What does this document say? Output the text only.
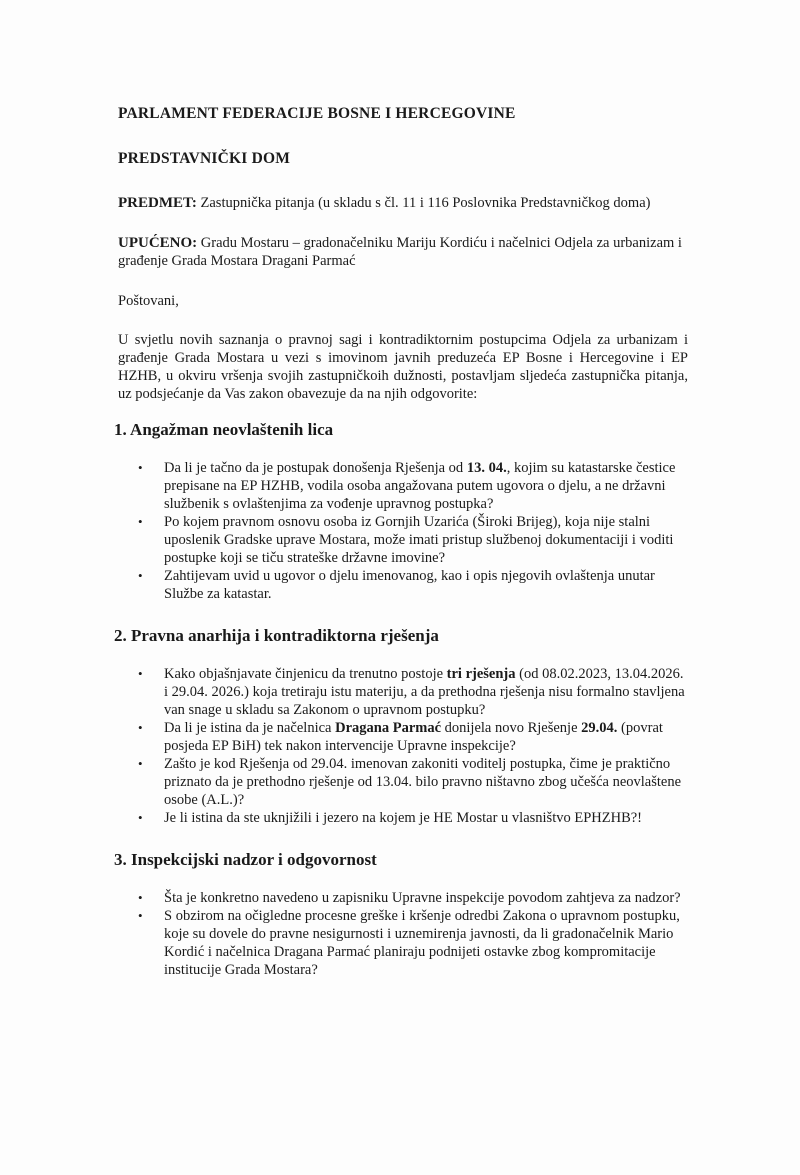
PARLAMENT FEDERACIJE BOSNE I HERCEGOVINE
PREDSTAVNIČKI DOM
PREDMET: Zastupnička pitanja (u skladu s čl. 11 i 116 Poslovnika Predstavničkog doma)
UPUĆENO: Gradu Mostaru – gradonačelniku Mariju Kordiću i načelnici Odjela za urbanizam i građenje Grada Mostara Dragani Parmać
Poštovani,
U svjetlu novih saznanja o pravnoj sagi i kontradiktornim postupcima Odjela za urbanizam i građenje Grada Mostara u vezi s imovinom javnih preduzeća EP Bosne i Hercegovine i EP HZHB, u okviru vršenja svojih zastupničkoih dužnosti, postavljam sljedeća zastupnička pitanja, uz podsjećanje da Vas zakon obavezuje da na njih odgovorite:
1. Angažman neovlaštenih lica
• Da li je tačno da je postupak donošenja Rješenja od 13. 04., kojim su katastarske čestice prepisane na EP HZHB, vodila osoba angažovana putem ugovora o djelu, a ne državni službenik s ovlaštenjima za vođenje upravnog postupka?
• Po kojem pravnom osnovu osoba iz Gornjih Uzarića (Široki Brijeg), koja nije stalni uposlenik Gradske uprave Mostara, može imati pristup službenoj dokumentaciji i voditi postupke koji se tiču strateške državne imovine?
• Zahtijevam uvid u ugovor o djelu imenovanog, kao i opis njegovih ovlaštenja unutar Službe za katastar.
2. Pravna anarhija i kontradiktorna rješenja
• Kako objašnjavate činjenicu da trenutno postoje tri rješenja (od 08.02.2023, 13.04.2026. i 29.04. 2026.) koja tretiraju istu materiju, a da prethodna rješenja nisu formalno stavljena van snage u skladu sa Zakonom o upravnom postupku?
• Da li je istina da je načelnica Dragana Parmać donijela novo Rješenje 29.04. (povrat posjeda EP BiH) tek nakon intervencije Upravne inspekcije?
• Zašto je kod Rješenja od 29.04. imenovan zakoniti voditelj postupka, čime je praktično priznato da je prethodno rješenje od 13.04. bilo pravno ništavno zbog učešća neovlaštene osobe (A.L.)?
• Je li istina da ste uknjižili i jezero na kojem je HE Mostar u vlasništvo EPHZHB?!
3. Inspekcijski nadzor i odgovornost
• Šta je konkretno navedeno u zapisniku Upravne inspekcije povodom zahtjeva za nadzor?
• S obzirom na očigledne procesne greške i kršenje odredbi Zakona o upravnom postupku, koje su dovele do pravne nesigurnosti i uznemirenja javnosti, da li gradonačelnik Mario Kordić i načelnica Dragana Parmać planiraju podnijeti ostavke zbog kompromitacije institucije Grada Mostara?
